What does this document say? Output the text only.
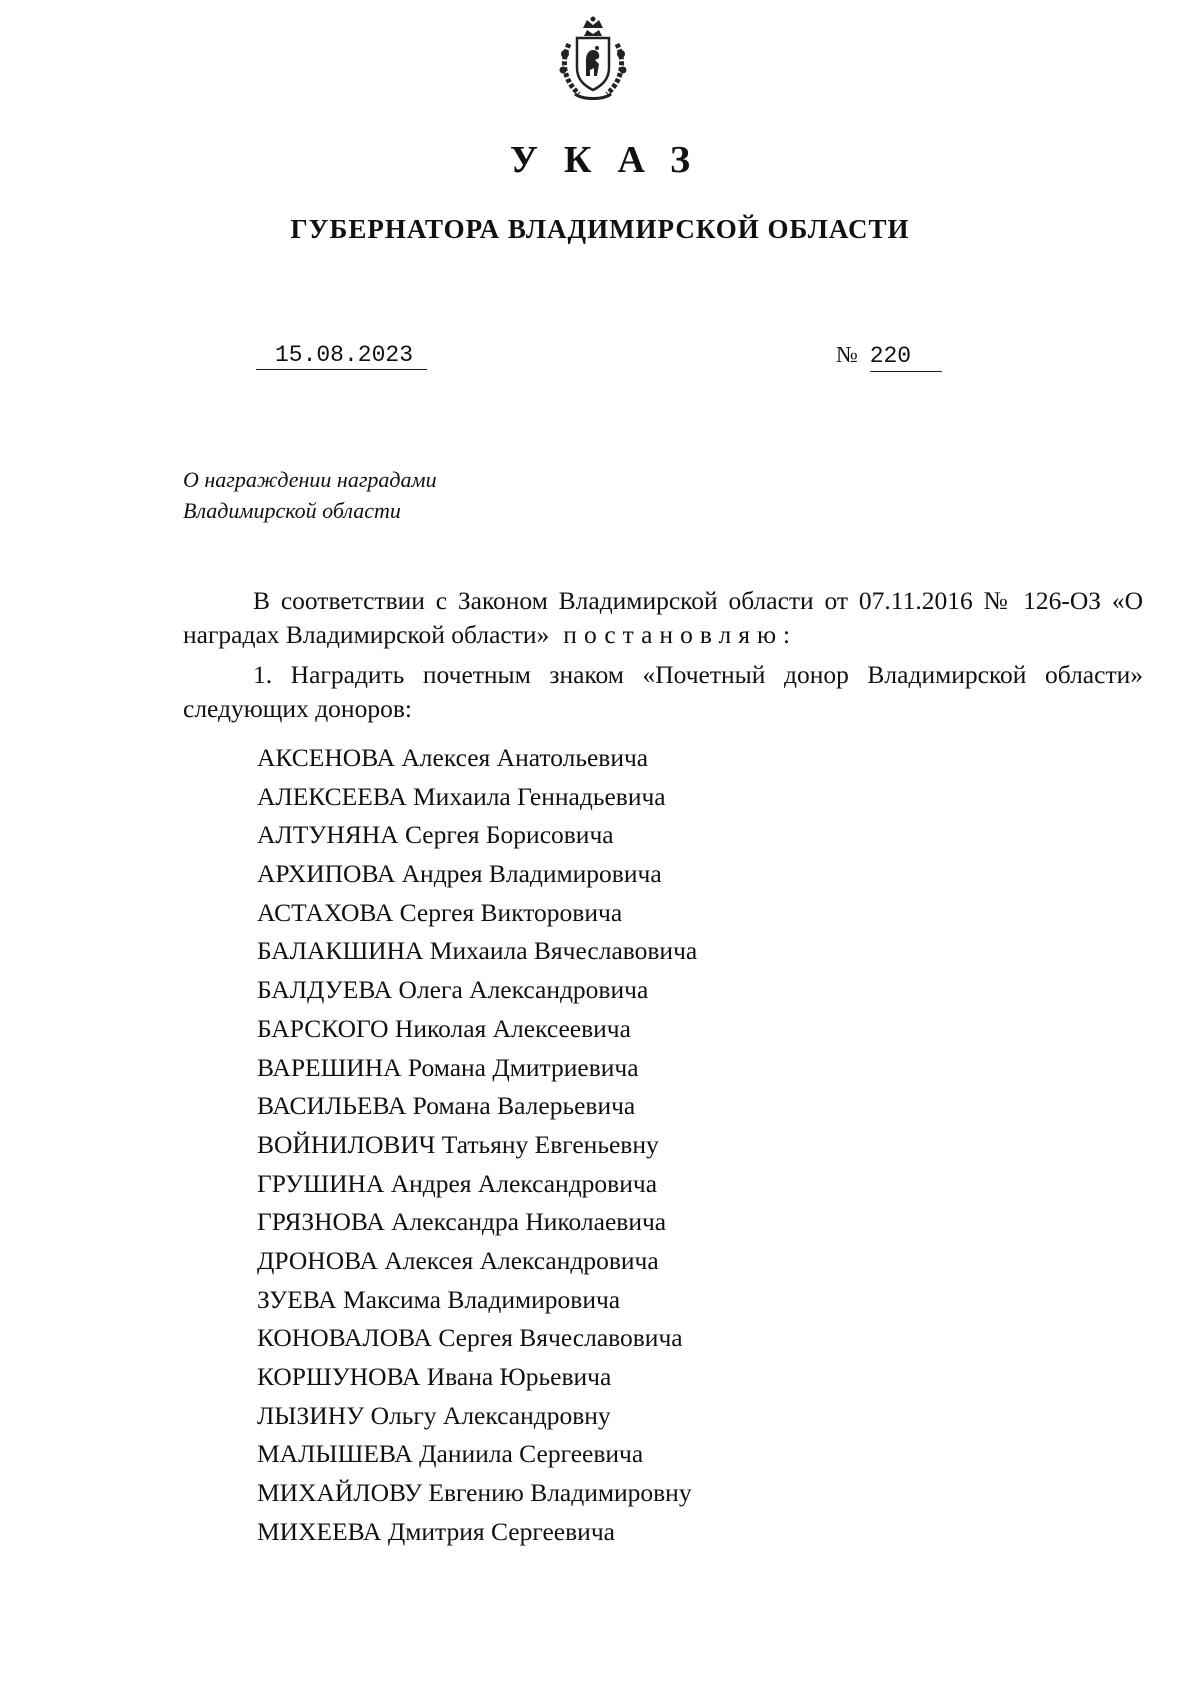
УКАЗ
ГУБЕРНАТОРА ВЛАДИМИРСКОЙ ОБЛАСТИ
15.08.2023	№ 220
О награждении наградами
Владимирской области

В соответствии с Законом Владимирской области от 07.11.2016 № 126-ОЗ «О наградах Владимирской области» постановляю:

1. Наградить почетным знаком «Почетный донор Владимирской области» следующих доноров:

АКСЕНОВА Алексея Анатольевича
АЛЕКСЕЕВА Михаила Геннадьевича
АЛТУНЯНА Сергея Борисовича
АРХИПОВА Андрея Владимировича
АСТАХОВА Сергея Викторовича
БАЛАКШИНА Михаила Вячеславовича
БАЛДУЕВА Олега Александровича
БАРСКОГО Николая Алексеевича
ВАРЕШИНА Романа Дмитриевича
ВАСИЛЬЕВА Романа Валерьевича
ВОЙНИЛОВИЧ Татьяну Евгеньевну
ГРУШИНА Андрея Александровича
ГРЯЗНОВА Александра Николаевича
ДРОНОВА Алексея Александровича
ЗУЕВА Максима Владимировича
КОНОВАЛОВА Сергея Вячеславовича
КОРШУНОВА Ивана Юрьевича
ЛЫЗИНУ Ольгу Александровну
МАЛЫШЕВА Даниила Сергеевича
МИХАЙЛОВУ Евгению Владимировну
МИХЕЕВА Дмитрия Сергеевича
